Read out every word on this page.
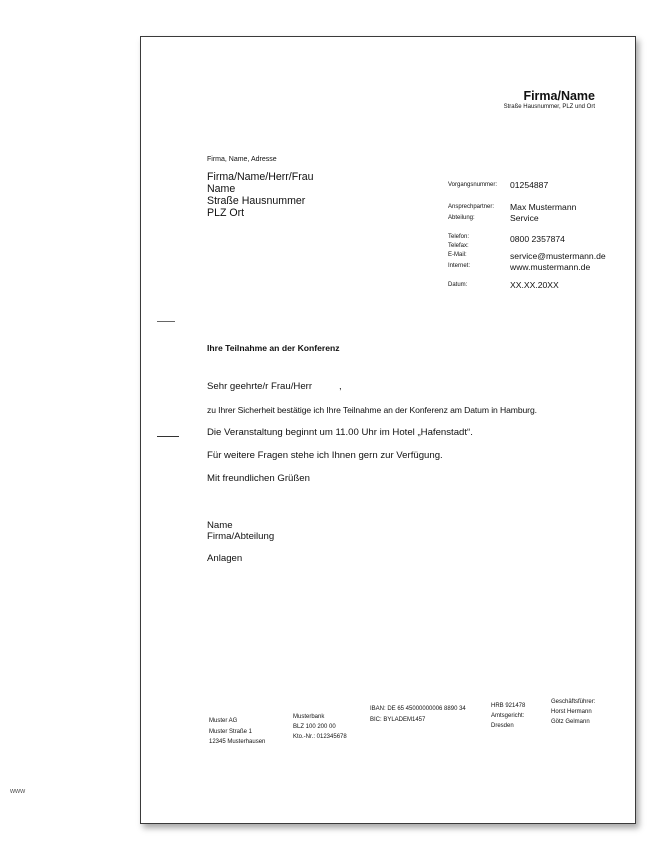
Firma/Name
Straße Hausnummer, PLZ und Ort
Firma, Name, Adresse
Firma/Name/Herr/Frau
Name
Straße Hausnummer
PLZ Ort
Vorgangsnummer: 01254887
Ansprechpartner: Max Mustermann
Abteilung:	Service
Telefon:	0800 2357874
Telefax:
E-Mail:	service@mustermann.de
Internet:	www.mustermann.de
Datum:	XX.XX.20XX
Ihre Teilnahme an der Konferenz
Sehr geehrte/r Frau/Herr	,
zu Ihrer Sicherheit bestätige ich Ihre Teilnahme an der Konferenz am Datum in Hamburg.
Die Veranstaltung beginnt um 11.00 Uhr im Hotel „Hafenstadt“.
Für weitere Fragen stehe ich Ihnen gern zur Verfügung.
Mit freundlichen Grüßen
Name
Firma/Abteilung
Anlagen
Muster AG
Muster Straße 1
12345 Musterhausen
Musterbank
BLZ 100 200 00
Kto.-Nr.: 012345678
IBAN: DE 65 45000000006 8890 34
BIC: BYLADEM1457
HRB 921478
Amtsgericht:
Dresden
Geschäftsführer:
Horst Hermann
Götz Gelmann
www
